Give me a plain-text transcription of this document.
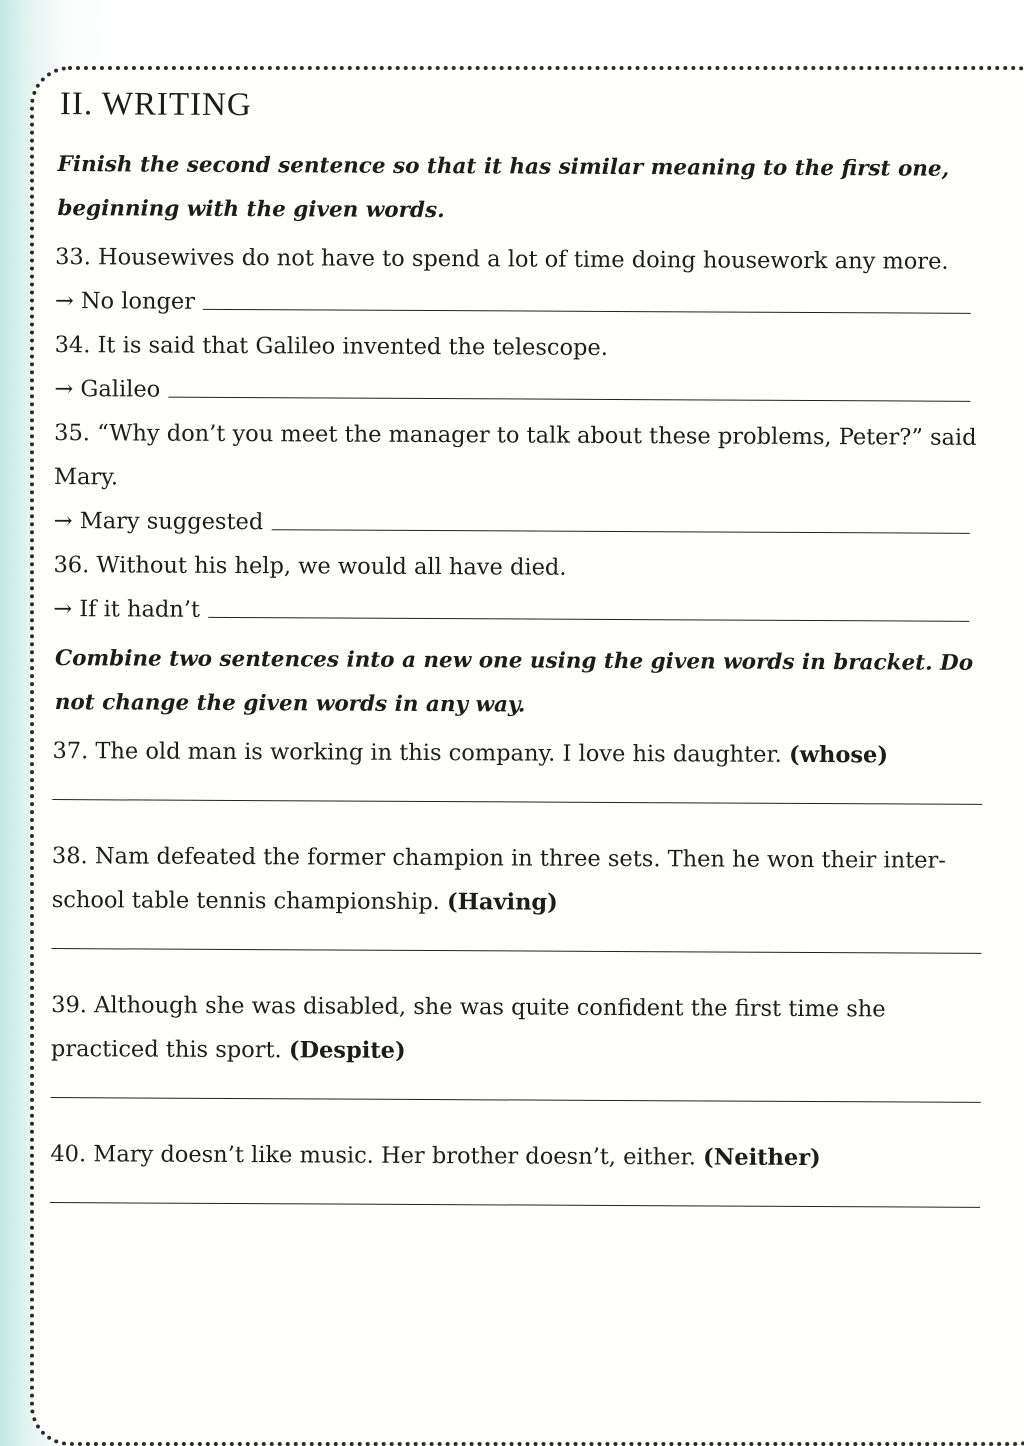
II. WRITING
Finish the second sentence so that it has similar meaning to the first one, beginning with the given words.
33. Housewives do not have to spend a lot of time doing housework any more.
→ No longer
34. It is said that Galileo invented the telescope.
→ Galileo
35. “Why don’t you meet the manager to talk about these problems, Peter?” said Mary.
→ Mary suggested
36. Without his help, we would all have died.
→ If it hadn’t
Combine two sentences into a new one using the given words in bracket. Do not change the given words in any way.
37. The old man is working in this company. I love his daughter. (whose)
38. Nam defeated the former champion in three sets. Then he won their inter-school table tennis championship. (Having)
39. Although she was disabled, she was quite confident the first time she practiced this sport. (Despite)
40. Mary doesn’t like music. Her brother doesn’t, either. (Neither)
